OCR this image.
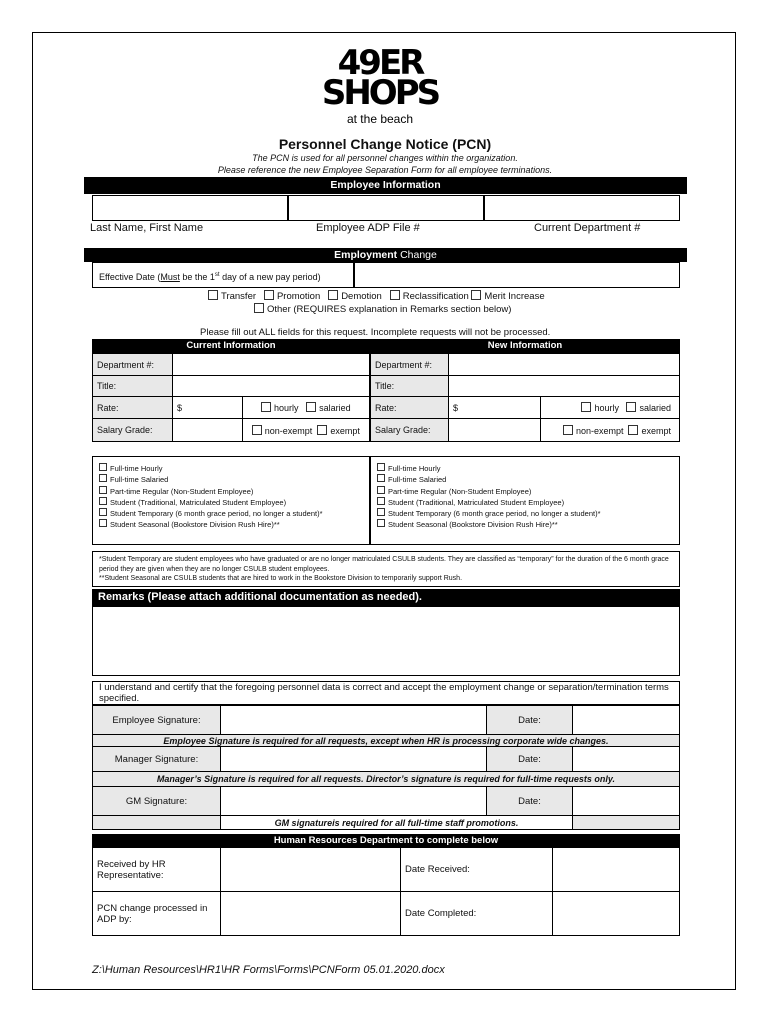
49ER
SHOPS
at the beach
Personnel Change Notice (PCN)
The PCN is used for all personnel changes within the organization.
Please reference the new Employee Separation Form for all employee terminations.
Employee Information
Last Name, First Name	Employee ADP File #	Current Department #
Employment Change
Effective Date (Must be the 1st day of a new pay period)
Transfer Promotion Demotion Reclassification Merit Increase
Other (REQUIRES explanation in Remarks section below)
Please fill out ALL fields for this request. Incomplete requests will not be processed.
Current Information	New Information
Department #:		
Title:		
Rate:	$	hourly salaried
Salary Grade:		non-exempt exempt
Department #:		
Title:		
Rate:	$	hourly salaried
Salary Grade:		non-exempt exempt
Full-time Hourly
Full-time Salaried
Part-time Regular (Non-Student Employee)
Student (Traditional, Matriculated Student Employee)
Student Temporary (6 month grace period, no longer a student)*
Student Seasonal (Bookstore Division Rush Hire)**
Full-time Hourly
Full-time Salaried
Part-time Regular (Non-Student Employee)
Student (Traditional, Matriculated Student Employee)
Student Temporary (6 month grace period, no longer a student)*
Student Seasonal (Bookstore Division Rush Hire)**
*Student Temporary are student employees who have graduated or are no longer matriculated CSULB students. They are classified as “temporary” for the duration of the 6 month grace period they are given when they are no longer CSULB student employees.
**Student Seasonal are CSULB students that are hired to work in the Bookstore Division to temporarily support Rush.
Remarks (Please attach additional documentation as needed).
I understand and certify that the foregoing personnel data is correct and accept the employment change or separation/termination terms specified.
Employee Signature:		Date:	
Employee Signature is required for all requests, except when HR is processing corporate wide changes.			
Manager Signature:		Date:	
Manager’s Signature is required for all requests. Director’s signature is required for full-time requests only.			
GM Signature:		Date:	
	GM signatureis required for all full-time staff promotions.		
Human Resources Department to complete below
Received by HR Representative:		Date Received:	
PCN change processed in ADP by:		Date Completed:	
Z:\Human Resources\HR1\HR Forms\Forms\PCNForm 05.01.2020.docx
